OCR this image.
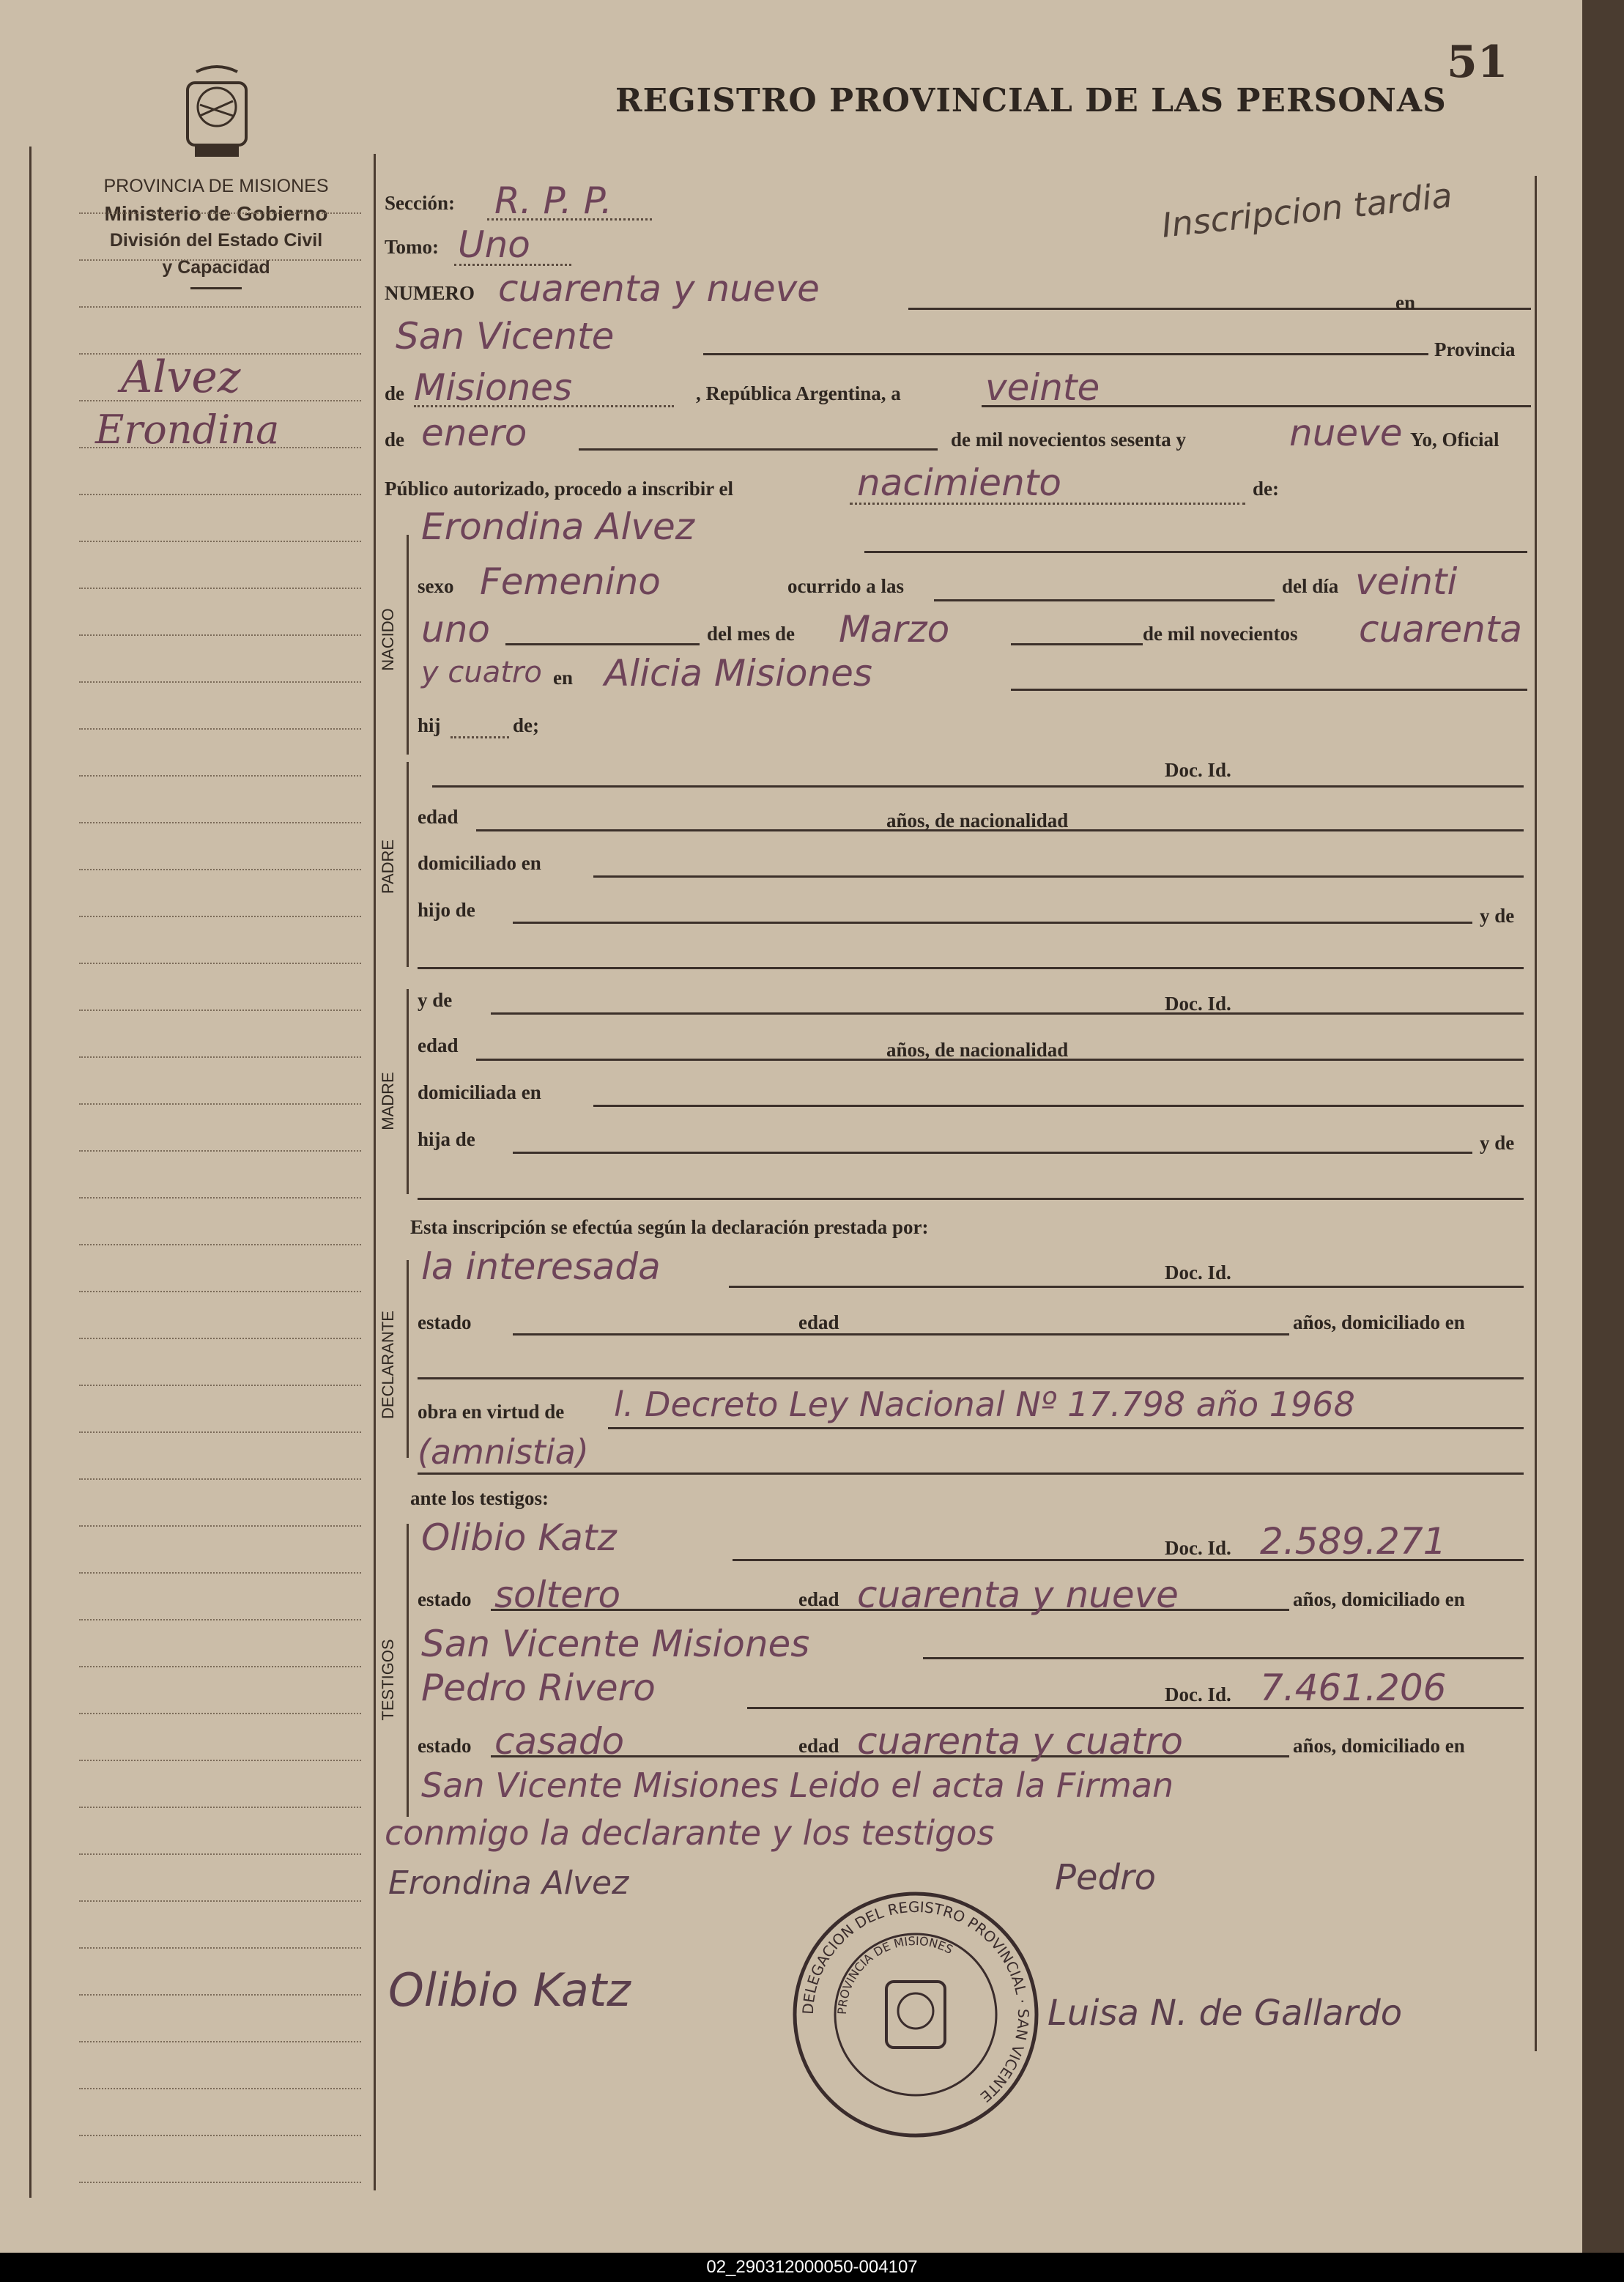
51
REGISTRO PROVINCIAL DE LAS PERSONAS
Inscripcion tardia
PROVINCIA DE MISIONES
Ministerio de Gobierno
División del Estado Civil
y Capacidad
NACIDO
PADRE
MADRE
DECLARANTE
TESTIGOS
Alvez
Erondina
Sección: R. P. P.
Tomo: Uno
NUMERO cuarenta y nueve	en
San Vicente	Provincia
de Misiones	, República Argentina, a veinte
de enero	de mil novecientos sesenta y	nueve Yo, Oficial
Público autorizado, procedo a inscribir el	nacimiento	de:
Erondina Alvez
sexo Femenino	ocurrido a las	del día veinti
uno	del mes de Marzo	de mil novecientos cuarenta
y cuatro en Alicia Misiones
hij	de;
Doc. Id.
edad	años, de nacionalidad
domiciliado en
hijo de	y de
y de	Doc. Id.
edad	años, de nacionalidad
domiciliada en
hija de	y de
Esta inscripción se efectúa según la declaración prestada por:
la interesada	Doc. Id.
estado	edad	años, domiciliado en
obra en virtud de l. Decreto Ley Nacional Nº 17.798 año 1968
(amnistia)
ante los testigos:
Olibio Katz	Doc. Id. 2.589.271
estado soltero	edad cuarenta y nueve	años, domiciliado en
San Vicente Misiones
Pedro Rivero	Doc. Id. 7.461.206
estado casado	edad cuarenta y cuatro	años, domiciliado en
San Vicente Misiones Leido el acta la Firman
conmigo la declarante y los testigos
Erondina Alvez	Pedro
Olibio Katz	Luisa N. de Gallardo
DELEGACION DEL REGISTRO PROVINCIAL · SAN VICENTE
PROVINCIA DE MISIONES
02_290312000050-004107
